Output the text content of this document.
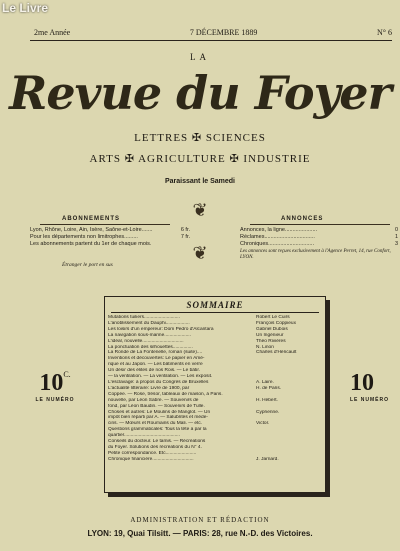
Le Livre
2me Année	7 DÉCEMBRE 1889	N° 6
LA
Revue du Foyer
LETTRES ✠ SCIENCES
ARTS ✠ AGRICULTURE ✠ INDUSTRIE
Paraissant le Samedi
❦
❦
ABONNEMENTS
Lyon, Rhône, Loire, Ain, Isère, Saône-et-Loire.......	6 fr.
Pour les départements non limitrophes.........	7 fr.
Les abonnements partent du 1er de chaque mois.
Étranger le port en sus
ANNONCES
Annonces, la ligne.....................	0
Réclames.................................	1
Chroniques..............................	3
Les annonces sont reçues exclusivement à l'Agence Perret, 14, rue Confort, LYON.
$10^{C.}$
LE NUMÉRO
10
LE NUMÉRO
SOMMAIRE
Mutations tuiliers...........................	Robert Le Cuirs
L'anoblissement du Dauphi..................	François Coppieux
Les loisirs d'un empereur: Dom Pedro d'Alcantara	Gabriel Dubois
La navigation sous-marine....................	Un Ingénieur
L'idéal, nouvelle...............................	Théo Rivières
La ponctuation des silhouettes...............	N. Linon
La Ronde de La Fontenelle, roman (suite)....	Charles d'Héricault
Inventions et découvertes: Le papier en Amé-
rique et au Japon. — Les bâtiments en verre
Un désir des élites de nos Rois. — Le bâtir.
— la ventilation. — La ventilation. — Les exposit.
L'esclavage: à propos du Congrès de Bruxelles	A. Laire.
L'actualité littéraire: Livre de 1900, par	H. de Paris.
Coppée. — Rose, trésor, tableaux de maison, à Paris.
nouvelle, par Léon Sabre. — Souvenirs de	H. Hébert.
fond, par Léon Baudin. — Souvenirs de Tulle.
Choses et autres: Le Moulins de Manglot. — Un	Cyprienne.
impôt bien réparti par A. — Salubrités et méde-
cins. — Mœurs et Roumains du Mali. — etc.	Victor.
Questions grammaticales: Tous la tête à par la
quartier..........................................
Conseils du docteur. Le tamis. — Récréations
du Foyer. Solutions des récréations du N° 4.
Petite correspondance. Etc.......................
Chronique financière...............................	J. Jarnard.
ADMINISTRATION ET RÉDACTION
LYON: 19, Quai Tilsitt. — PARIS: 28, rue N.-D. des Victoires.
